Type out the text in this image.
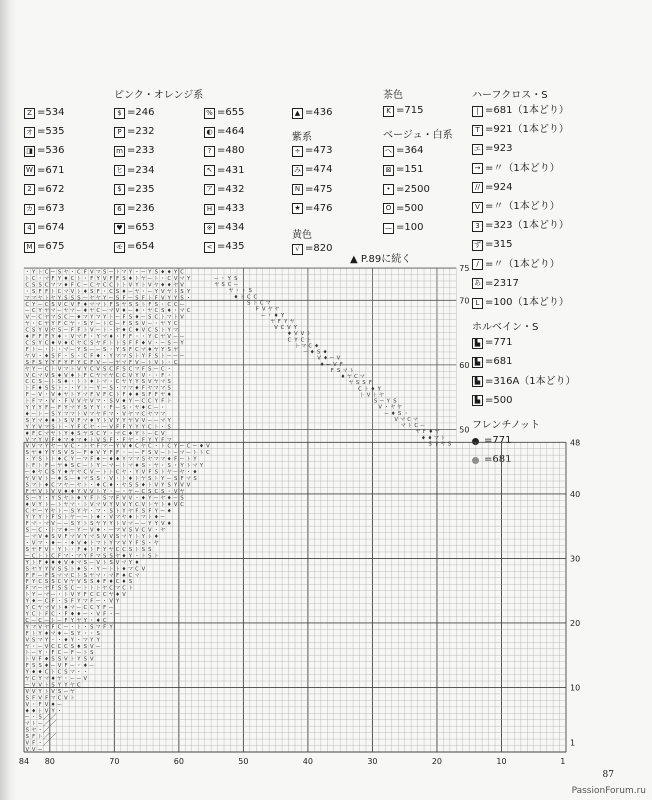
Z =534
オ =535
◨ =536
W =671
2 =672
カ =673
4 =674
M =675
ピンク・オレンジ系
$ =246
P =232
m =233
ヒ =234
$ =235
6 =236
♥ =653
モ =654
% =655
◐ =464
? =480
↖ =431
ア =432
H =433
※ =434
< =435
▲ =436
紫系
÷ =473
み =474
N =475
★ =476
黄色
√ =820
茶色
K =715
ベージュ・白系
へ =364
⊠ =151
• =2500
O =500
— =100
ハーフクロス・S
| =681（1本どり）
T =921（1本どり）
エ =923
→ =〃（1本どり）
// =924
V =〃（1本どり）
3 =323（1本どり）
ず =315
/ =〃（1本どり）
あ =2317
L =100（1本どり）
ホルベイン・S
▙ =771
▙ =681
▙ =316A（1本どり）
▙ =500
フレンチノット
=771
=681
▲ P.89に続く
・ Y ト C ー S ヤ ・ C F V マ S ー ト マ Y ・ ー Y S ♦ ♦ Y C
ト C ・ マ F Y ♦ C ト ・ F Y V F F S ♦ ト ヤ ー ト ・ C V マ Y
C S S C マ マ ♦ F C ー C ヤ C C ト ト V Y ト V ヤ ♦ ♦ ヤ V
・ S F F ト C マ V ト ♦ S F ・ C S ♦ ー ヤ ・ ー Y V ヤ ト S Y
マ マ ヤ ト ヤ Y S S S ー ヤ ヤ Y ー S F ー S F ト F V Y Y S ・
C Y ー C S V C V F ♦ マ マ ト F S ヤ S S ト F S ・ C C ー
ー C Y ヤ マ ー ヤ マ ー ♦ ヤ C ー マ V ♦ ー ♦ ・ ヤ C S ♦ ・ マ C
V ー C ヤ マ S C ー ♦ マ Y マ Y ト ー F S ♦ ー S C ト マ ト V
ヤ ・ C ヤ Y F C ヤ ・ S Y ー ト C ー F S S V ー ・ ヤ Y C
C S Y V ヤ S ー F F ト V ー ト ・ ヤ ♦ C ♦ V C S ト Y マ
♦ F F F Y ♦ ・ V マ F ・ Y マ ♦ ・ F F ・ ・ Y C ヤ V ー ー
C S Y C ♦ V ♦ C ヤ C S ヤ F ト ト S F F ♦ V ・ ー S ー Y
F ト ー ・ ト ・ マ ー Y S ー ー S ・ Y S F C マ ♦ ヤ Y S ヤ
ヤ V ・ ♦ S F ・ S ・ C F ♦ ・ Y マ マ S ト Y F S ト ー ー ー
S F S Y Y F Y F Y C F V ー ー ヤ マ F V ー ト V ト ・ C
ヤ Y ー C ト V マ ト V Y C V S C F S C マ F S ー C ・
V C マ V S ♦ V ♦ ト F C ヤ マ ヤ C C V Y V ・ ・ F ・
C C S ー ト S ♦ ・ ト ト ♦ ト マ ・ C ヤ Y Y S V ヤ マ S
ト F ♦ S S ト ・ ・ Y ト ー Y ー S ・ マ マ ♦ F ヤ マ マ S
F ー V ・ V ♦ ヤ ト Y マ F V F C ト F ♦ ♦ S F F ヤ ♦
ト F マ ・ V ・ F V V ヤ V マ ・ S V ♦ Y ー C C Y F ト
Y Y Y F ー F Y マ Y S Y Y ・ F ー S ・ ヤ ♦ C ー ・
♦ ー ト ー S Y マ マ ト V マ ヤ F マ ・ V ヤ マ C ヤ マ マ
S Y マ ♦ ♦ ト S V F マ ♦ Y ト V Y Y ヤ V V ー ー マ Y
Y Y V マ S ト ・ Y F C ヤ ・ ー V F F Y Y Y C ト ・ S
♦ F C マ ヤ ト Y ♦ S ヤ S C Y ・ マ C ♦ Y ト ー C V
V マ Y V F ♦ マ ♦ マ ♦ ト V S F ・ F ヤ ・ F Y Y F マ
V V マ Y ヤ ー V C ・ ト ヤ F マ ー Y V ♦ C ヤ C ・ ト C Y ー C ー ♦ V
S ヤ ♦ Y Y S V S ー F ♦ V Y F F ・ ー ー F S V ー ト ー マ ー ト ト C
・ Y S ト ト ♦ C Y ー マ F ♦ ー ♦ ♦ Y マ マ S ヤ マ マ ♦ F ー ト Y
ト F ト F ー ヤ ♦ S C ー ト Y ー マ ー ト マ ♦ S ・ ヤ ・ S ・ Y ト マ Y
ー ♦ ヤ C S Y ♦ ヤ ヤ C V ー ト ト C ヤ ・ Y V F S ト ヤ ー ヤ ・ ♦
ヤ V V ト ー ♦ S ー ♦ マ S S ・ V ・ ト ♦ ト ヤ S ト Y ー S F マ S
S マ ト ♦ C マ ヤ ー ヤ ト ・ ♦ C ♦ ・ ヤ S S ♦ ト V Y S Y V V
F ヤ V ト V V ♦ ♦ Y V V ト Y ・ ー ・ ヤ ー C S C S ・ V ヤ
S ー Y ・ Y S ヤ ト ♦ Y F ト S マ F V V ・ ♦ Y ー ヤ ♦ ー S
♦ V Y ト ー ト ヤ マ ・ ト V マ V Y V V Y C V ト ヤ ト ♦ V C
C ヤ ー Y ヤ ト ー S Y ヤ ・ マ ・ S ト Y ヤ F S F Y ー ♦
Y Y Y ト F S ト ヤ ー ー ト ♦ ・ V マ ヤ ♦ ト マ ト ♦ ー
F マ ・ マ V ー ー S Y ト S ヤ Y Y ト V マ ー ー Y Y V ♦
S ー C ・ ト マ ♦ ー Y ー V ♦ ・ ー マ V S V C V ・ ヤ
ー マ V ♦ S V F マ V Y マ S V V S マ Y ト Y ト ♦
・ V マ ・ ♦ ー ・ ♦ V ♦ ト マ ト Y マ V Y F S ・ ヤ
S ヤ F V ・ Y ト ・ F ♦ ト F Y ヤ C C S ト S S
ー C ト ト C F マ ・ マ Y F マ S S ヤ ♦ Y ・ ト S ト
Y ト F ♦ ♦ ♦ V ♦ マ S ー V ト S V マ Y ♦
S ヤ Y Y V S S ト ♦ S ・ Y ー ト ト ♦ マ C V
F F ー F S マ マ C ト S ヤ マ ・ マ F ♦ C マ
F Y C S S C V ヤ V S S ♦ F ♦ C ♦ S
F マ ー ヤ F S S C ー ト ト ト ヤ C マ C ト
ト Y ー マ ー ・ ト V Y F C C C ヤ ♦ V
Y ♦ ー C F ・ S F Y マ F ー ・ V Y
Y C ヤ マ V ト ♦ マ ー C C Y F ー
Y C ト F C ・ F ♦ ♦ ー ・ V F ・ ー
C ー C ー ト ー F Y ヤ Y ・ ♦ C
Y マ V ヤ F C ー ・ ト ・ S マ F Y
F ト Y ♦ マ ♦ ー S Y ・ ・ S
V S マ Y ・ ・ ♦ Y ・ マ Y Y
ヤ ・ ー V C C C S ♦ S V ー
ト ー Y ・ F C ー F ー ト S
ト V F ♦ S S V ト Y S V
F S S ♦ ー V F ー ・ ♦ ー
Y ♦ ♦ C ト C S マ ・ ・
ヤ C Y マ ♦ ヤ ・ ー ー V
ー V V ト S Y Y ヤ C
V V Y ト V S ー ヤ
S F V F マ C V ト
V ・ F V ♦ ー
♦ ♦ ト V Y ・
ー ・ S
マ ト ー
S ヤ ・
S F ト
V F ・
V V ー
ー ・ Y S
ヤ S C ー
ヤ ・ ・ S
♦ ト C C
S ト C マ
F V ヤ ヤ
ー ・ ♦ Y
ヤ F Y ヤ
V C V Y
♦ V V ト
C Y C ト
ト マ C ♦
ー ♦ S ♦
V ♦ ー V
♦ ー V F
F S マ ト
♦ ヤ C マ
ヤ S S F
C ト ♦ Y
ト V ト ヤ
S ー Y S
V ・ ヤ ヤ
ー ♦ S ・
V マ C マ
マ ト C ー
ヤ F ♦ ヤ
♦ ♦ マ ト
S ト ヤ S
84 80	70	60	50	40	30	20	10	1
48
40
30
20
10
1
75
70
60
50
87
PassionForum.ru
